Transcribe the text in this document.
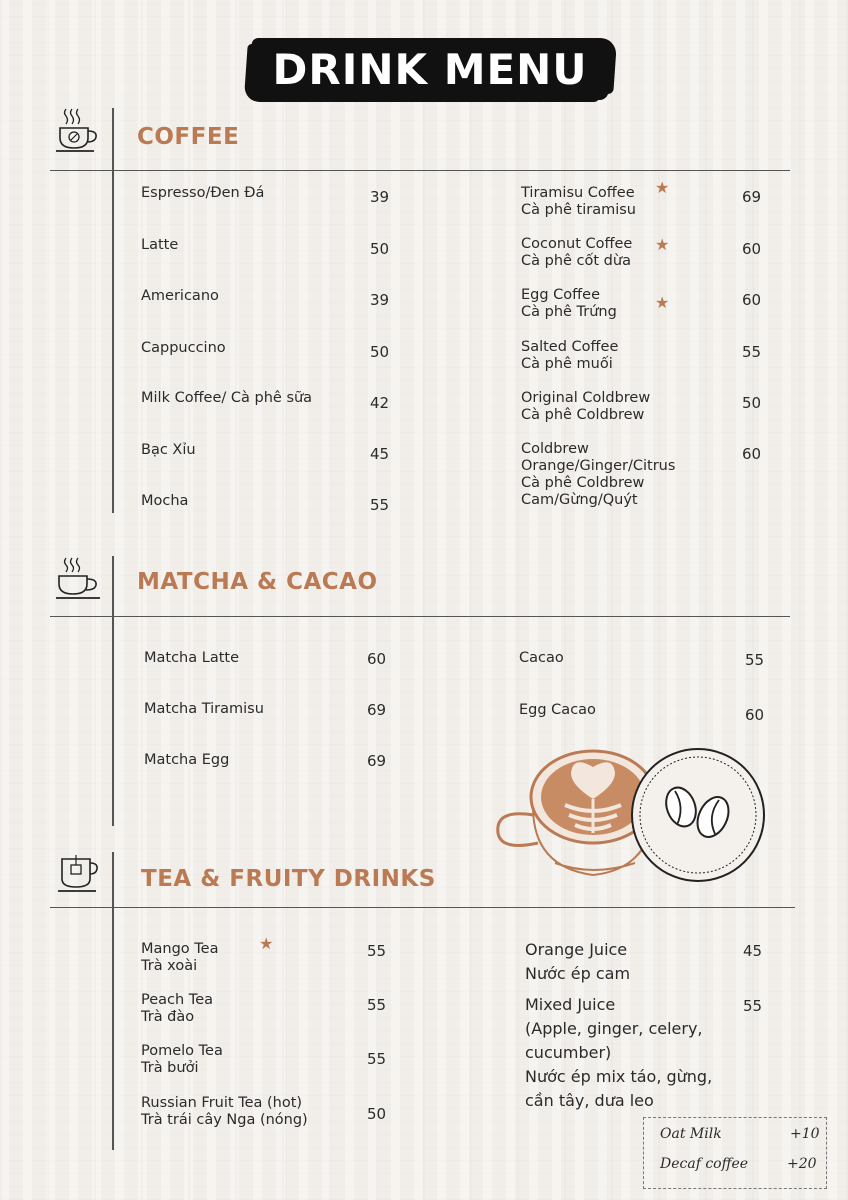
DRINK MENU
COFFEE
Espresso/Đen Đá	39
Latte	50
Americano	39
Cappuccino	50
Milk Coffee/ Cà phê sữa	42
Bạc Xỉu	45
Mocha	55
Tiramisu Coffee
Cà phê tiramisu
★	69
Coconut Coffee
Cà phê cốt dừa
★	60
Egg Coffee
Cà phê Trứng ★	60
Salted Coffee
Cà phê muối
55
Original Coldbrew
Cà phê Coldbrew
50
Coldbrew
Orange/Ginger/Citrus
Cà phê Coldbrew
Cam/Gừng/Quýt
60
MATCHA & CACAO
Matcha Latte	60
Matcha Tiramisu	69
Matcha Egg	69
Cacao	55
Egg Cacao	60
TEA & FRUITY DRINKS
Mango Tea
Trà xoài
★	55
Peach Tea
Trà đào
55
Pomelo Tea
Trà bưởi	55
Russian Fruit Tea (hot)
Trà trái cây Nga (nóng)	50
Orange Juice
Nước ép cam
45
Mixed Juice
(Apple, ginger, celery,
cucumber)
Nước ép mix táo, gừng,
cần tây, dưa leo
55
Oat Milk	+10
Decaf coffee	+20
